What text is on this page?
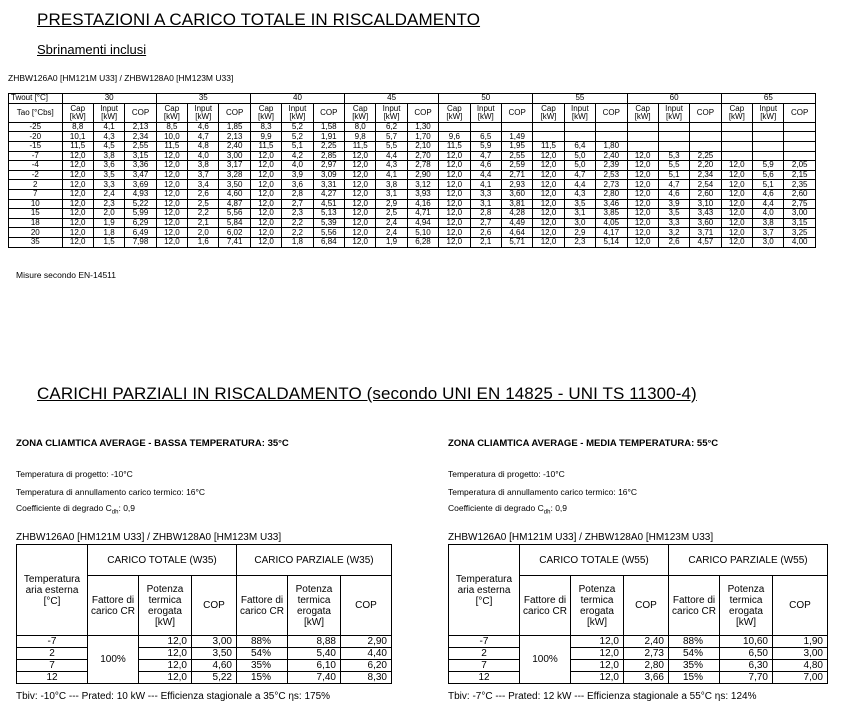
PRESTAZIONI A CARICO TOTALE IN RISCALDAMENTO
Sbrinamenti inclusi
ZHBW126A0 [HM121M U33] / ZHBW128A0 [HM123M U33]
Twout [°C]	30			35			40			45			50			55			60			65		
Tao [°Cbs]	Cap [kW]	Input [kW]	COP	Cap [kW]	Input [kW]	COP	Cap [kW]	Input [kW]	COP	Cap [kW]	Input [kW]	COP	Cap [kW]	Input [kW]	COP	Cap [kW]	Input [kW]	COP	Cap [kW]	Input [kW]	COP	Cap [kW]	Input [kW]	COP
-25	8,8	4,1	2,13	8,5	4,6	1,85	8,3	5,2	1,58	8,0	6,2	1,30												
-20	10,1	4,3	2,34	10,0	4,7	2,13	9,9	5,2	1,91	9,8	5,7	1,70	9,6	6,5	1,49									
-15	11,5	4,5	2,55	11,5	4,8	2,40	11,5	5,1	2,25	11,5	5,5	2,10	11,5	5,9	1,95	11,5	6,4	1,80						
-7	12,0	3,8	3,15	12,0	4,0	3,00	12,0	4,2	2,85	12,0	4,4	2,70	12,0	4,7	2,55	12,0	5,0	2,40	12,0	5,3	2,25			
-4	12,0	3,6	3,36	12,0	3,8	3,17	12,0	4,0	2,97	12,0	4,3	2,78	12,0	4,6	2,59	12,0	5,0	2,39	12,0	5,5	2,20	12,0	5,9	2,05
-2	12,0	3,5	3,47	12,0	3,7	3,28	12,0	3,9	3,09	12,0	4,1	2,90	12,0	4,4	2,71	12,0	4,7	2,53	12,0	5,1	2,34	12,0	5,6	2,15
2	12,0	3,3	3,69	12,0	3,4	3,50	12,0	3,6	3,31	12,0	3,8	3,12	12,0	4,1	2,93	12,0	4,4	2,73	12,0	4,7	2,54	12,0	5,1	2,35
7	12,0	2,4	4,93	12,0	2,6	4,60	12,0	2,8	4,27	12,0	3,1	3,93	12,0	3,3	3,60	12,0	4,3	2,80	12,0	4,6	2,60	12,0	4,6	2,60
10	12,0	2,3	5,22	12,0	2,5	4,87	12,0	2,7	4,51	12,0	2,9	4,16	12,0	3,1	3,81	12,0	3,5	3,46	12,0	3,9	3,10	12,0	4,4	2,75
15	12,0	2,0	5,99	12,0	2,2	5,56	12,0	2,3	5,13	12,0	2,5	4,71	12,0	2,8	4,28	12,0	3,1	3,85	12,0	3,5	3,43	12,0	4,0	3,00
18	12,0	1,9	6,29	12,0	2,1	5,84	12,0	2,2	5,39	12,0	2,4	4,94	12,0	2,7	4,49	12,0	3,0	4,05	12,0	3,3	3,60	12,0	3,8	3,15
20	12,0	1,8	6,49	12,0	2,0	6,02	12,0	2,2	5,56	12,0	2,4	5,10	12,0	2,6	4,64	12,0	2,9	4,17	12,0	3,2	3,71	12,0	3,7	3,25
35	12,0	1,5	7,98	12,0	1,6	7,41	12,0	1,8	6,84	12,0	1,9	6,28	12,0	2,1	5,71	12,0	2,3	5,14	12,0	2,6	4,57	12,0	3,0	4,00
Misure secondo EN-14511
CARICHI PARZIALI IN RISCALDAMENTO (secondo UNI EN 14825 - UNI TS 11300-4)
ZONA CLIAMTICA AVERAGE - BASSA TEMPERATURA: 35°C
Temperatura di progetto: -10°C
Temperatura di annullamento carico termico: 16°C
Coefficiente di degrado $C_{dh}$: 0,9
ZHBW126A0 [HM121M U33] / ZHBW128A0 [HM123M U33]
Temperatura aria esterna [°C]	CARICO TOTALE (W35)			CARICO PARZIALE (W35)		
	Fattore di carico CR	Potenza termica erogata [kW]	COP	Fattore di carico CR	Potenza termica erogata [kW]	COP
-7	100%	12,0	3,00	88%	8,88	2,90
2		12,0	3,50	54%	5,40	4,40
7		12,0	4,60	35%	6,10	6,20
12		12,0	5,22	15%	7,40	8,30
Tbiv: -10°C --- Prated: 10 kW --- Efficienza stagionale a 35°C ηs: 175%
ZONA CLIAMTICA AVERAGE - MEDIA TEMPERATURA: 55°C
Temperatura di progetto: -10°C
Temperatura di annullamento carico termico: 16°C
Coefficiente di degrado $C_{dh}$: 0,9
ZHBW126A0 [HM121M U33] / ZHBW128A0 [HM123M U33]
Temperatura aria esterna [°C]	CARICO TOTALE (W55)			CARICO PARZIALE (W55)		
	Fattore di carico CR	Potenza termica erogata [kW]	COP	Fattore di carico CR	Potenza termica erogata [kW]	COP
-7	100%	12,0	2,40	88%	10,60	1,90
2		12,0	2,73	54%	6,50	3,00
7		12,0	2,80	35%	6,30	4,80
12		12,0	3,66	15%	7,70	7,00
Tbiv: -7°C --- Prated: 12 kW --- Efficienza stagionale a 55°C ηs: 124%
